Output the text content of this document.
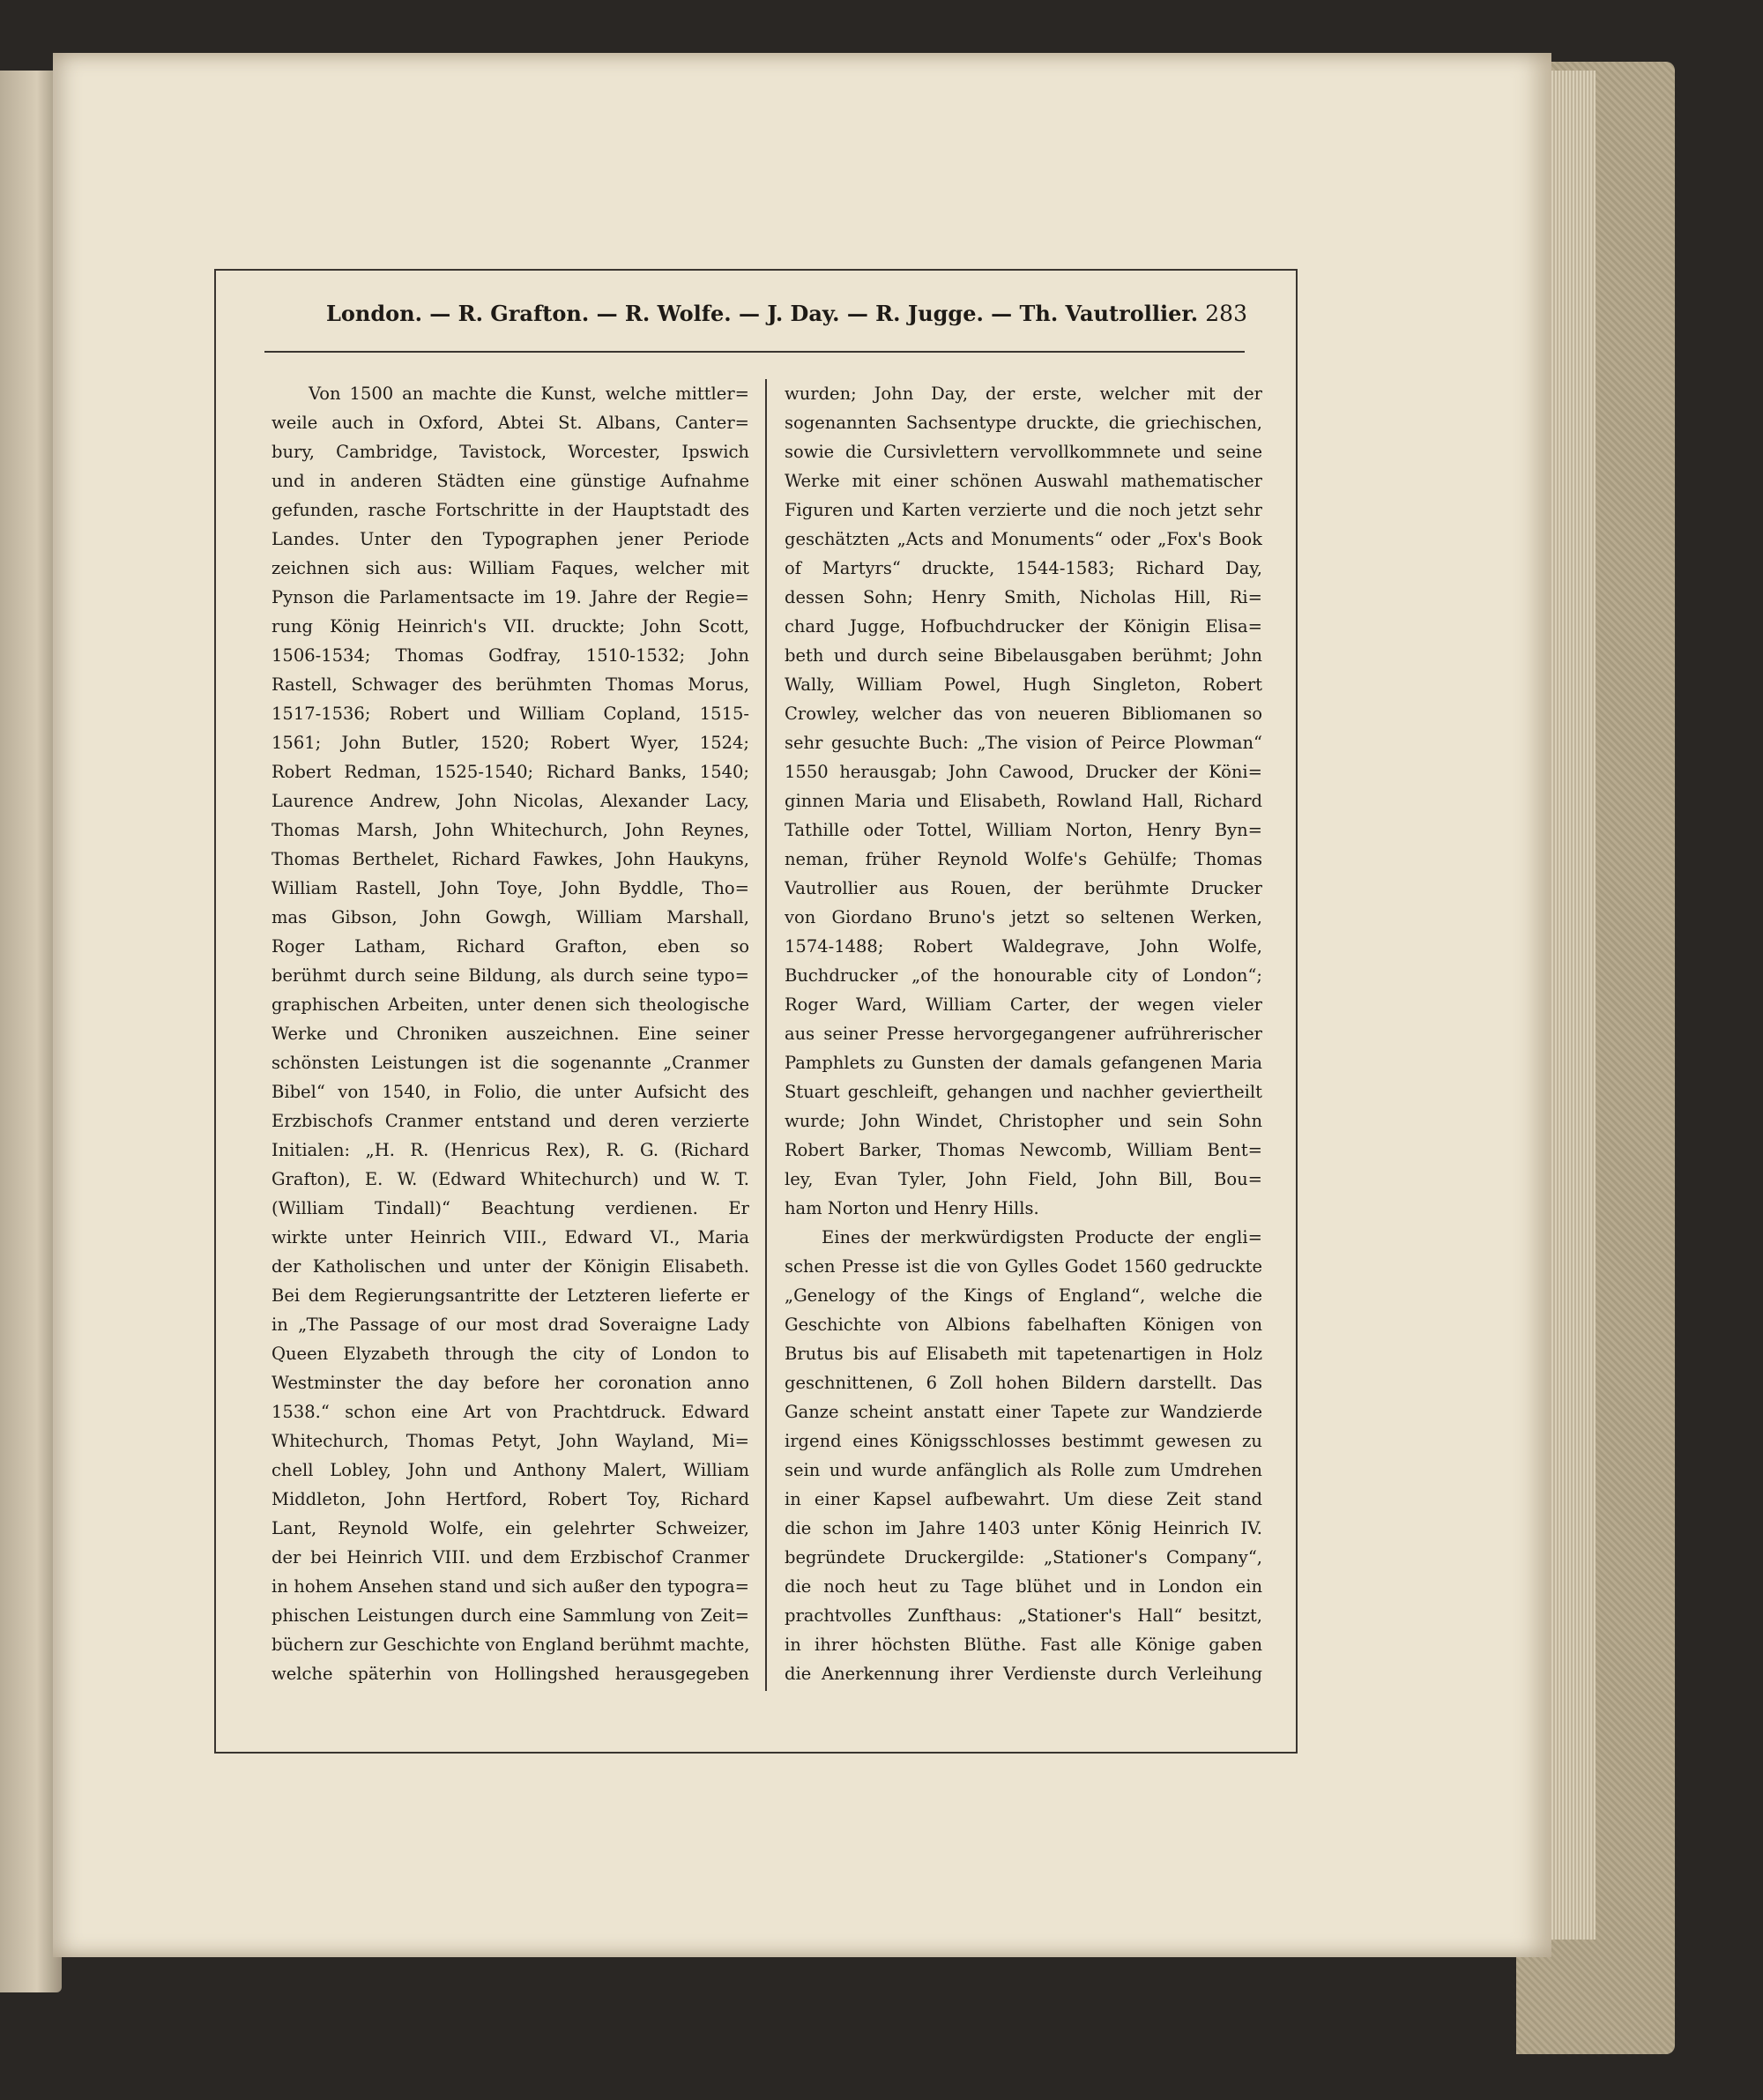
London. — R. Grafton. — R. Wolfe. — J. Day. — R. Jugge. — Th. Vautrollier. 283
Von 1500 an machte die Kunst, welche mittler=
weile auch in Oxford, Abtei St. Albans, Canter=
bury, Cambridge, Tavistock, Worcester, Ipswich
und in anderen Städten eine günstige Aufnahme
gefunden, rasche Fortschritte in der Hauptstadt des
Landes. Unter den Typographen jener Periode
zeichnen sich aus: William Faques, welcher mit
Pynson die Parlamentsacte im 19. Jahre der Regie=
rung König Heinrich's VII. druckte; John Scott,
1506-1534; Thomas Godfray, 1510-1532; John
Rastell, Schwager des berühmten Thomas Morus,
1517-1536; Robert und William Copland, 1515-
1561; John Butler, 1520; Robert Wyer, 1524;
Robert Redman, 1525-1540; Richard Banks, 1540;
Laurence Andrew, John Nicolas, Alexander Lacy,
Thomas Marsh, John Whitechurch, John Reynes,
Thomas Berthelet, Richard Fawkes, John Haukyns,
William Rastell, John Toye, John Byddle, Tho=
mas Gibson, John Gowgh, William Marshall,
Roger Latham, Richard Grafton, eben so
berühmt durch seine Bildung, als durch seine typo=
graphischen Arbeiten, unter denen sich theologische
Werke und Chroniken auszeichnen. Eine seiner
schönsten Leistungen ist die sogenannte „Cranmer
Bibel“ von 1540, in Folio, die unter Aufsicht des
Erzbischofs Cranmer entstand und deren verzierte
Initialen: „H. R. (Henricus Rex), R. G. (Richard
Grafton), E. W. (Edward Whitechurch) und W. T.
(William Tindall)“ Beachtung verdienen. Er
wirkte unter Heinrich VIII., Edward VI., Maria
der Katholischen und unter der Königin Elisabeth.
Bei dem Regierungsantritte der Letzteren lieferte er
in „The Passage of our most drad Soveraigne Lady
Queen Elyzabeth through the city of London to
Westminster the day before her coronation anno
1538.“ schon eine Art von Prachtdruck. Edward
Whitechurch, Thomas Petyt, John Wayland, Mi=
chell Lobley, John und Anthony Malert, William
Middleton, John Hertford, Robert Toy, Richard
Lant, Reynold Wolfe, ein gelehrter Schweizer,
der bei Heinrich VIII. und dem Erzbischof Cranmer
in hohem Ansehen stand und sich außer den typogra=
phischen Leistungen durch eine Sammlung von Zeit=
büchern zur Geschichte von England berühmt machte,
welche späterhin von Hollingshed herausgegeben
wurden; John Day, der erste, welcher mit der
sogenannten Sachsentype druckte, die griechischen,
sowie die Cursivlettern vervollkommnete und seine
Werke mit einer schönen Auswahl mathematischer
Figuren und Karten verzierte und die noch jetzt sehr
geschätzten „Acts and Monuments“ oder „Fox's Book
of Martyrs“ druckte, 1544-1583; Richard Day,
dessen Sohn; Henry Smith, Nicholas Hill, Ri=
chard Jugge, Hofbuchdrucker der Königin Elisa=
beth und durch seine Bibelausgaben berühmt; John
Wally, William Powel, Hugh Singleton, Robert
Crowley, welcher das von neueren Bibliomanen so
sehr gesuchte Buch: „The vision of Peirce Plowman“
1550 herausgab; John Cawood, Drucker der Köni=
ginnen Maria und Elisabeth, Rowland Hall, Richard
Tathille oder Tottel, William Norton, Henry Byn=
neman, früher Reynold Wolfe's Gehülfe; Thomas
Vautrollier aus Rouen, der berühmte Drucker
von Giordano Bruno's jetzt so seltenen Werken,
1574-1488; Robert Waldegrave, John Wolfe,
Buchdrucker „of the honourable city of London“;
Roger Ward, William Carter, der wegen vieler
aus seiner Presse hervorgegangener aufrührerischer
Pamphlets zu Gunsten der damals gefangenen Maria
Stuart geschleift, gehangen und nachher geviertheilt
wurde; John Windet, Christopher und sein Sohn
Robert Barker, Thomas Newcomb, William Bent=
ley, Evan Tyler, John Field, John Bill, Bou=
ham Norton und Henry Hills.
Eines der merkwürdigsten Producte der engli=
schen Presse ist die von Gylles Godet 1560 gedruckte
„Genelogy of the Kings of England“, welche die
Geschichte von Albions fabelhaften Königen von
Brutus bis auf Elisabeth mit tapetenartigen in Holz
geschnittenen, 6 Zoll hohen Bildern darstellt. Das
Ganze scheint anstatt einer Tapete zur Wandzierde
irgend eines Königsschlosses bestimmt gewesen zu
sein und wurde anfänglich als Rolle zum Umdrehen
in einer Kapsel aufbewahrt. Um diese Zeit stand
die schon im Jahre 1403 unter König Heinrich IV.
begründete Druckergilde: „Stationer's Company“,
die noch heut zu Tage blühet und in London ein
prachtvolles Zunfthaus: „Stationer's Hall“ besitzt,
in ihrer höchsten Blüthe. Fast alle Könige gaben
die Anerkennung ihrer Verdienste durch Verleihung
